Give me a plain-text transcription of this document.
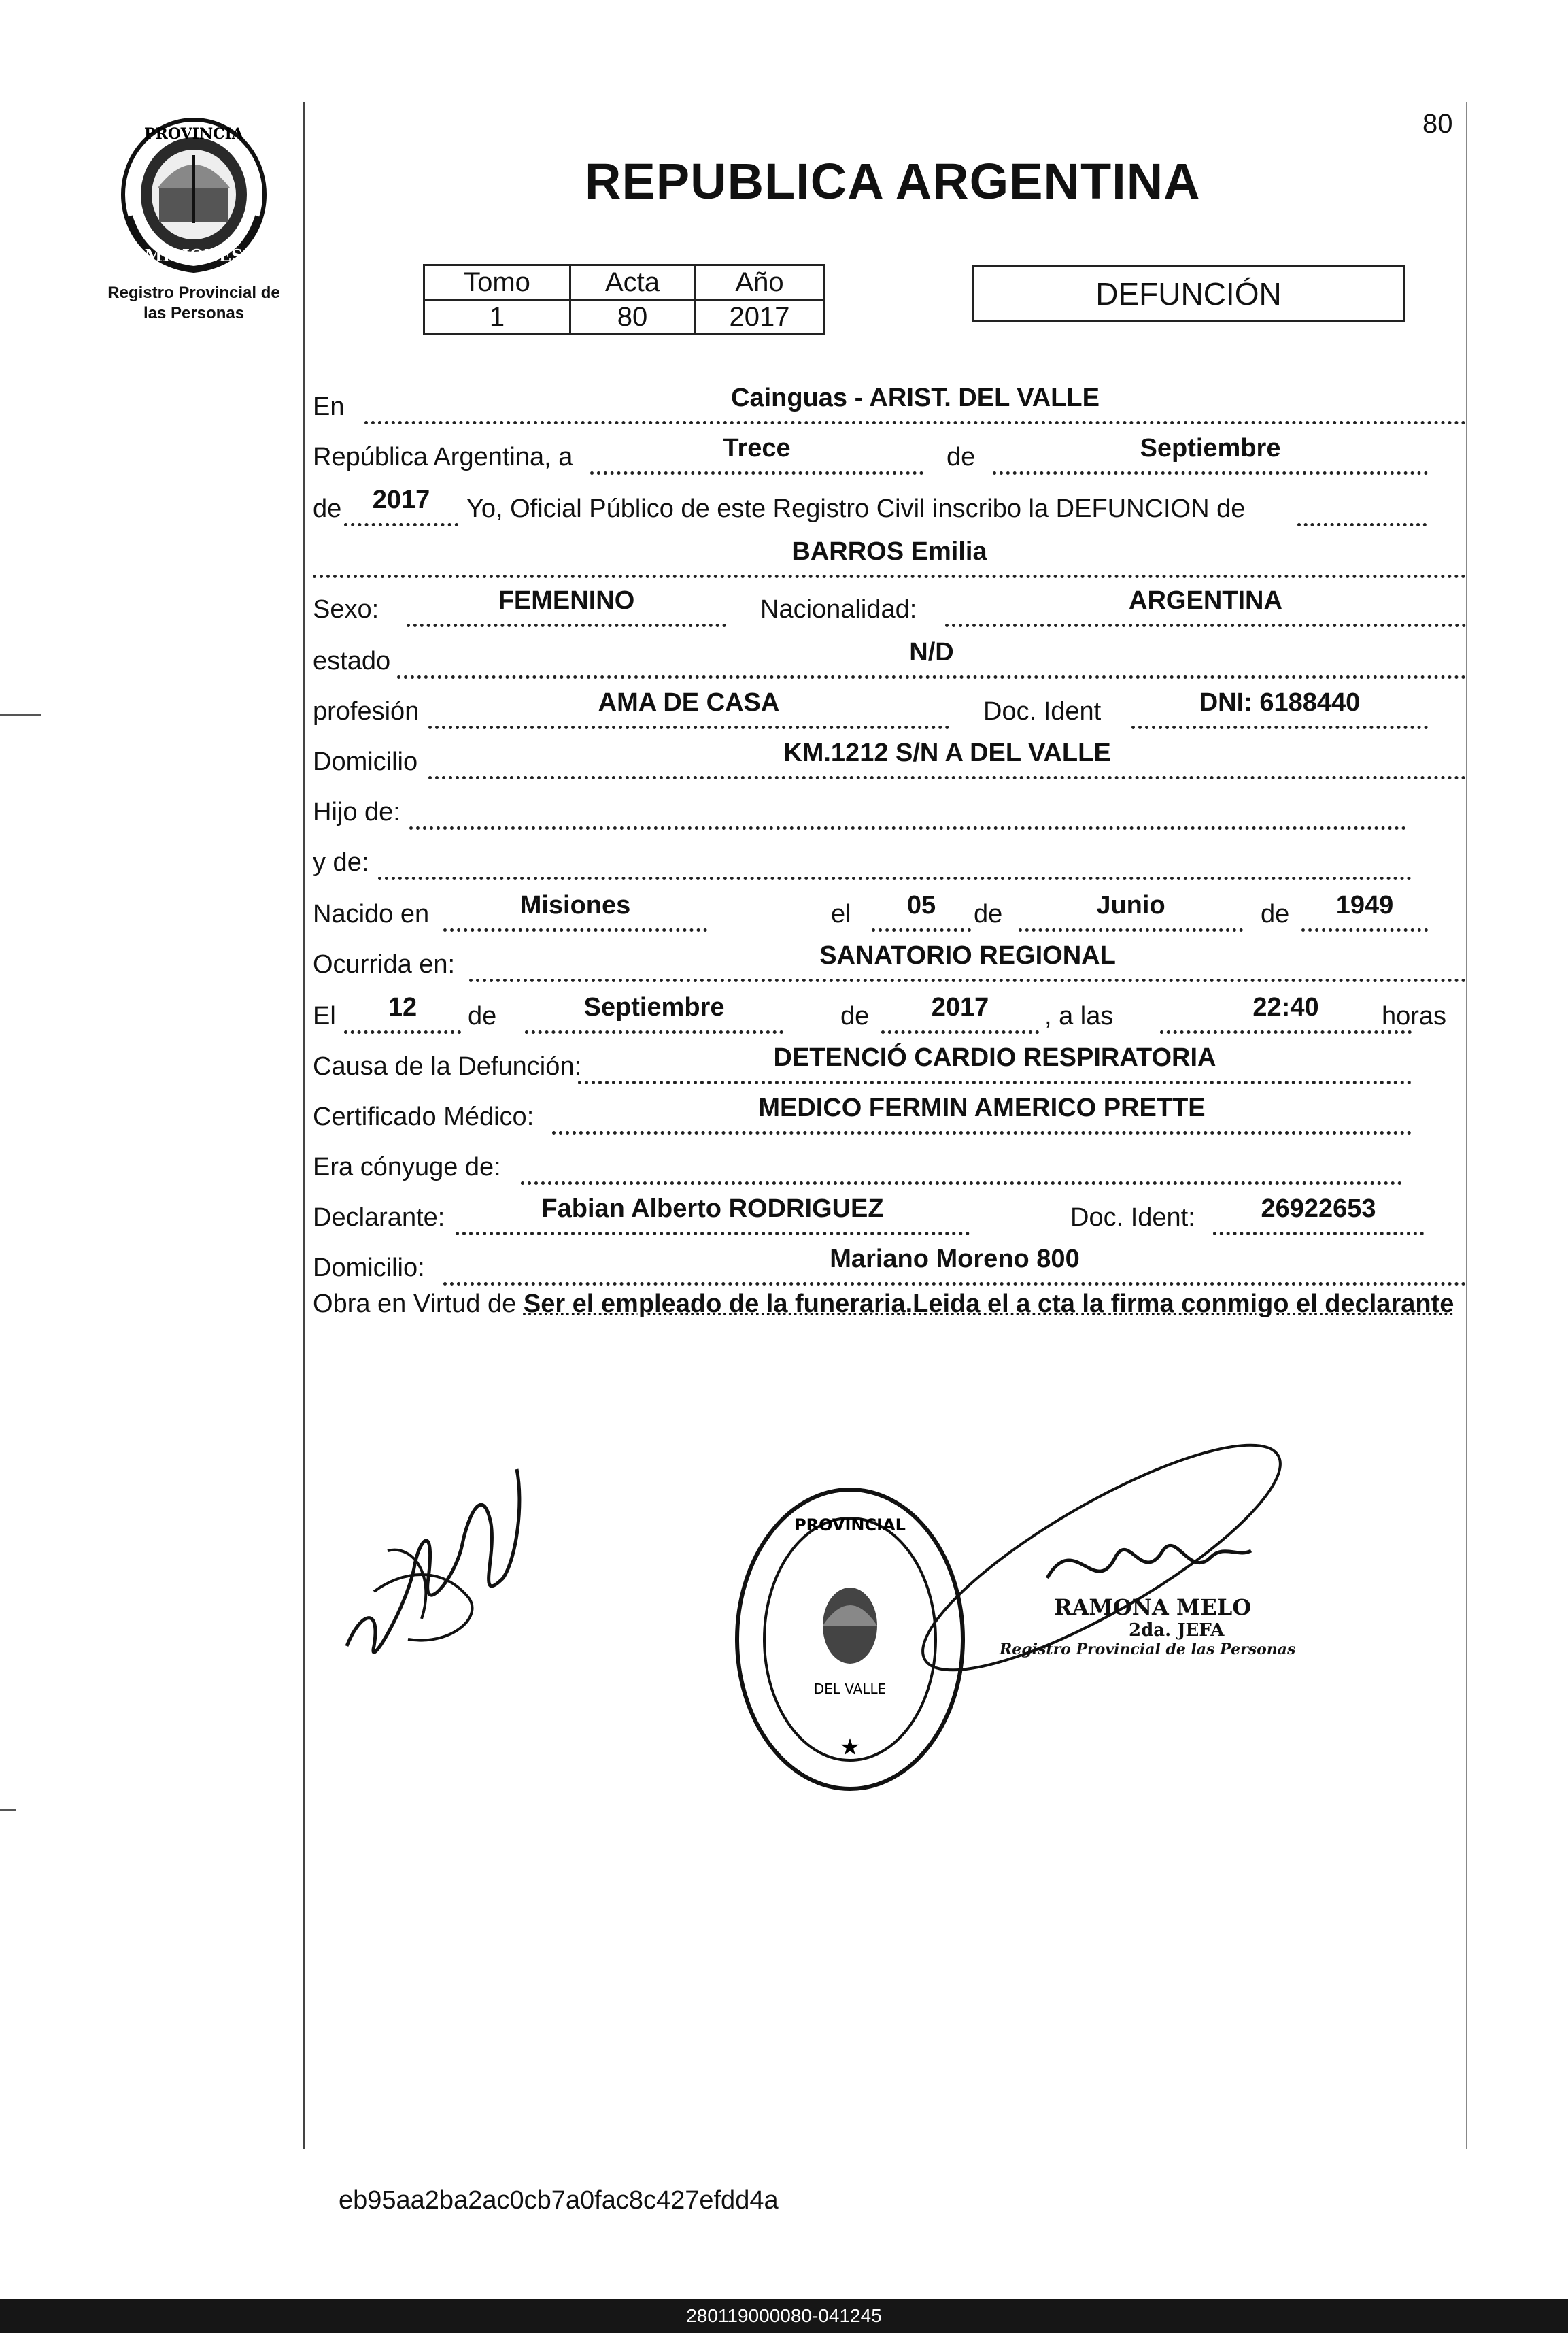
80
PROVINCIA
MISIONES
Registro Provincial de
las Personas
REPUBLICA ARGENTINA
Tomo	Acta	Año
1	80	2017
DEFUNCIÓN
En	Cainguas - ARIST. DEL VALLE
República Argentina, a	Trece	de	Septiembre
de	2017	Yo, Oficial Público de este Registro Civil inscribo la DEFUNCION de
BARROS Emilia
Sexo:	FEMENINO	Nacionalidad:	ARGENTINA
estado	N/D
profesión	AMA DE CASA	Doc. Ident	DNI: 6188440
Domicilio	KM.1212 S/N A DEL VALLE
Hijo de:
y de:
Nacido en	Misiones	el	05	de	Junio	de	1949
Ocurrida en:	SANATORIO REGIONAL
El	12	de	Septiembre	de	2017	, a las	22:40	horas
Causa de la Defunción:	DETENCIÓ CARDIO RESPIRATORIA
Certificado Médico:	MEDICO FERMIN AMERICO PRETTE
Era cónyuge de:
Declarante:	Fabian Alberto RODRIGUEZ	Doc. Ident:	26922653
Domicilio:	Mariano Moreno 800
Obra en Virtud de Ser el empleado de la funeraria.Leida el a cta la firma conmigo el declarante
PROVINCIAL
DEL VALLE
★
RAMONA MELO
2da. JEFA
Registro Provincial de las Personas
eb95aa2ba2ac0cb7a0fac8c427efdd4a
280119000080-041245
